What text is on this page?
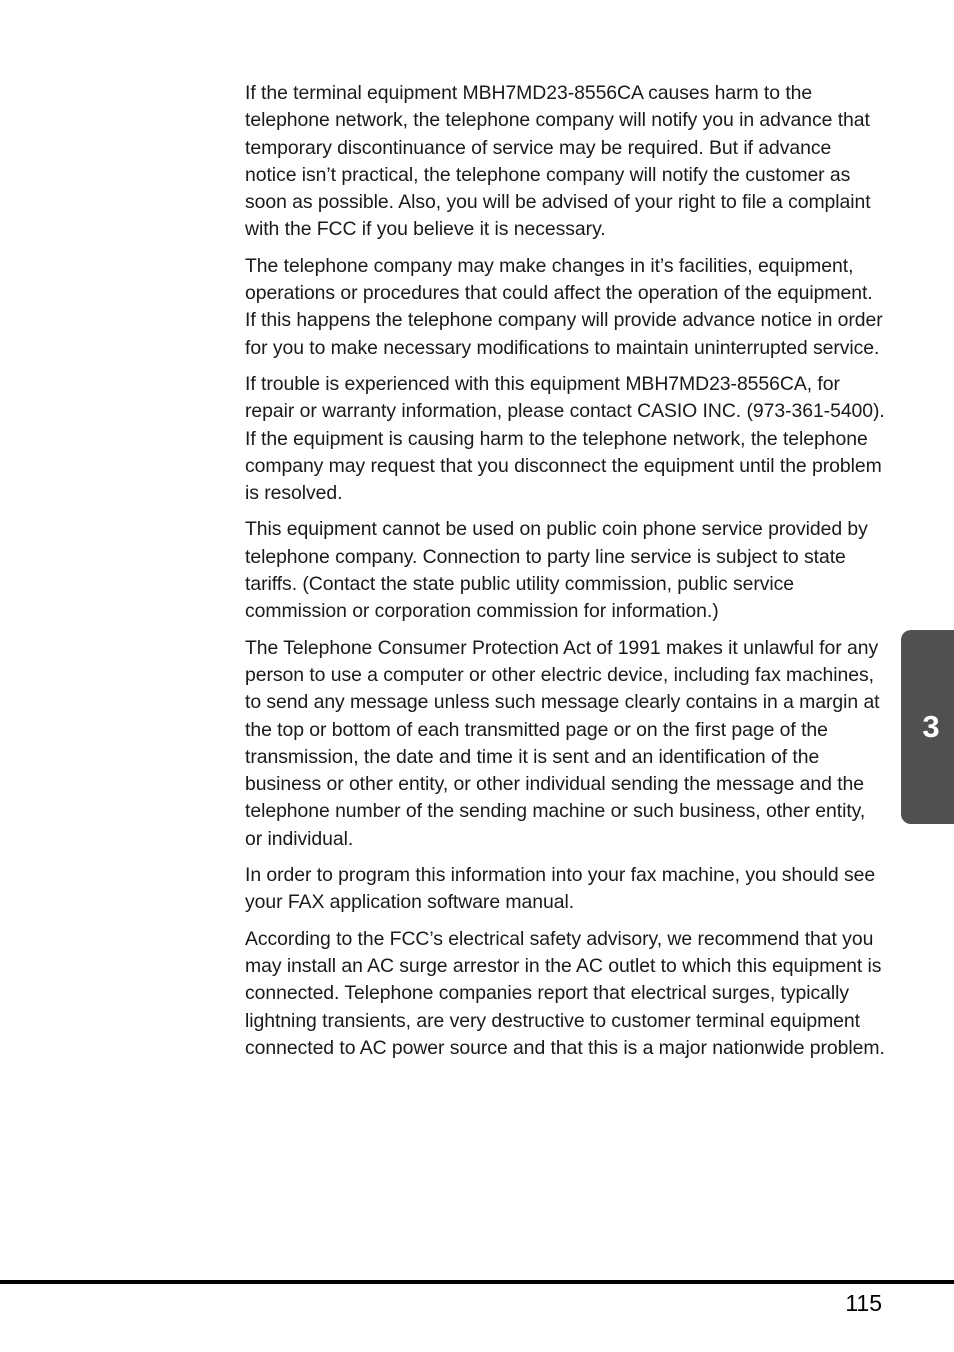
If the terminal equipment MBH7MD23-8556CA causes harm to the telephone network, the telephone company will notify you in advance that temporary discontinuance of service may be required. But if advance notice isn’t practical, the telephone company will notify the customer as soon as possible. Also, you will be advised of your right to file a complaint with the FCC if you believe it is necessary.

The telephone company may make changes in it’s facilities, equipment, operations or procedures that could affect the operation of the equipment. If this happens the telephone company will provide advance notice in order for you to make necessary modifications to maintain uninterrupted service.

If trouble is experienced with this equipment MBH7MD23-8556CA, for repair or warranty information, please contact CASIO INC. (973-361-5400). If the equipment is causing harm to the telephone network, the telephone company may request that you disconnect the equipment until the problem is resolved.

This equipment cannot be used on public coin phone service provided by telephone company. Connection to party line service is subject to state tariffs. (Contact the state public utility commission, public service commission or corporation commission for information.)

The Telephone Consumer Protection Act of 1991 makes it unlawful for any person to use a computer or other electric device, including fax machines, to send any message unless such message clearly contains in a margin at the top or bottom of each transmitted page or on the first page of the transmission, the date and time it is sent and an identification of the business or other entity, or other individual sending the message and the telephone number of the sending machine or such business, other entity, or individual.

In order to program this information into your fax machine, you should see your FAX application software manual.

According to the FCC’s electrical safety advisory, we recommend that you may install an AC surge arrestor in the AC outlet to which this equipment is connected. Telephone companies report that electrical surges, typically lightning transients, are very destructive to customer terminal equipment connected to AC power source and that this is a major nationwide problem.

3
115
